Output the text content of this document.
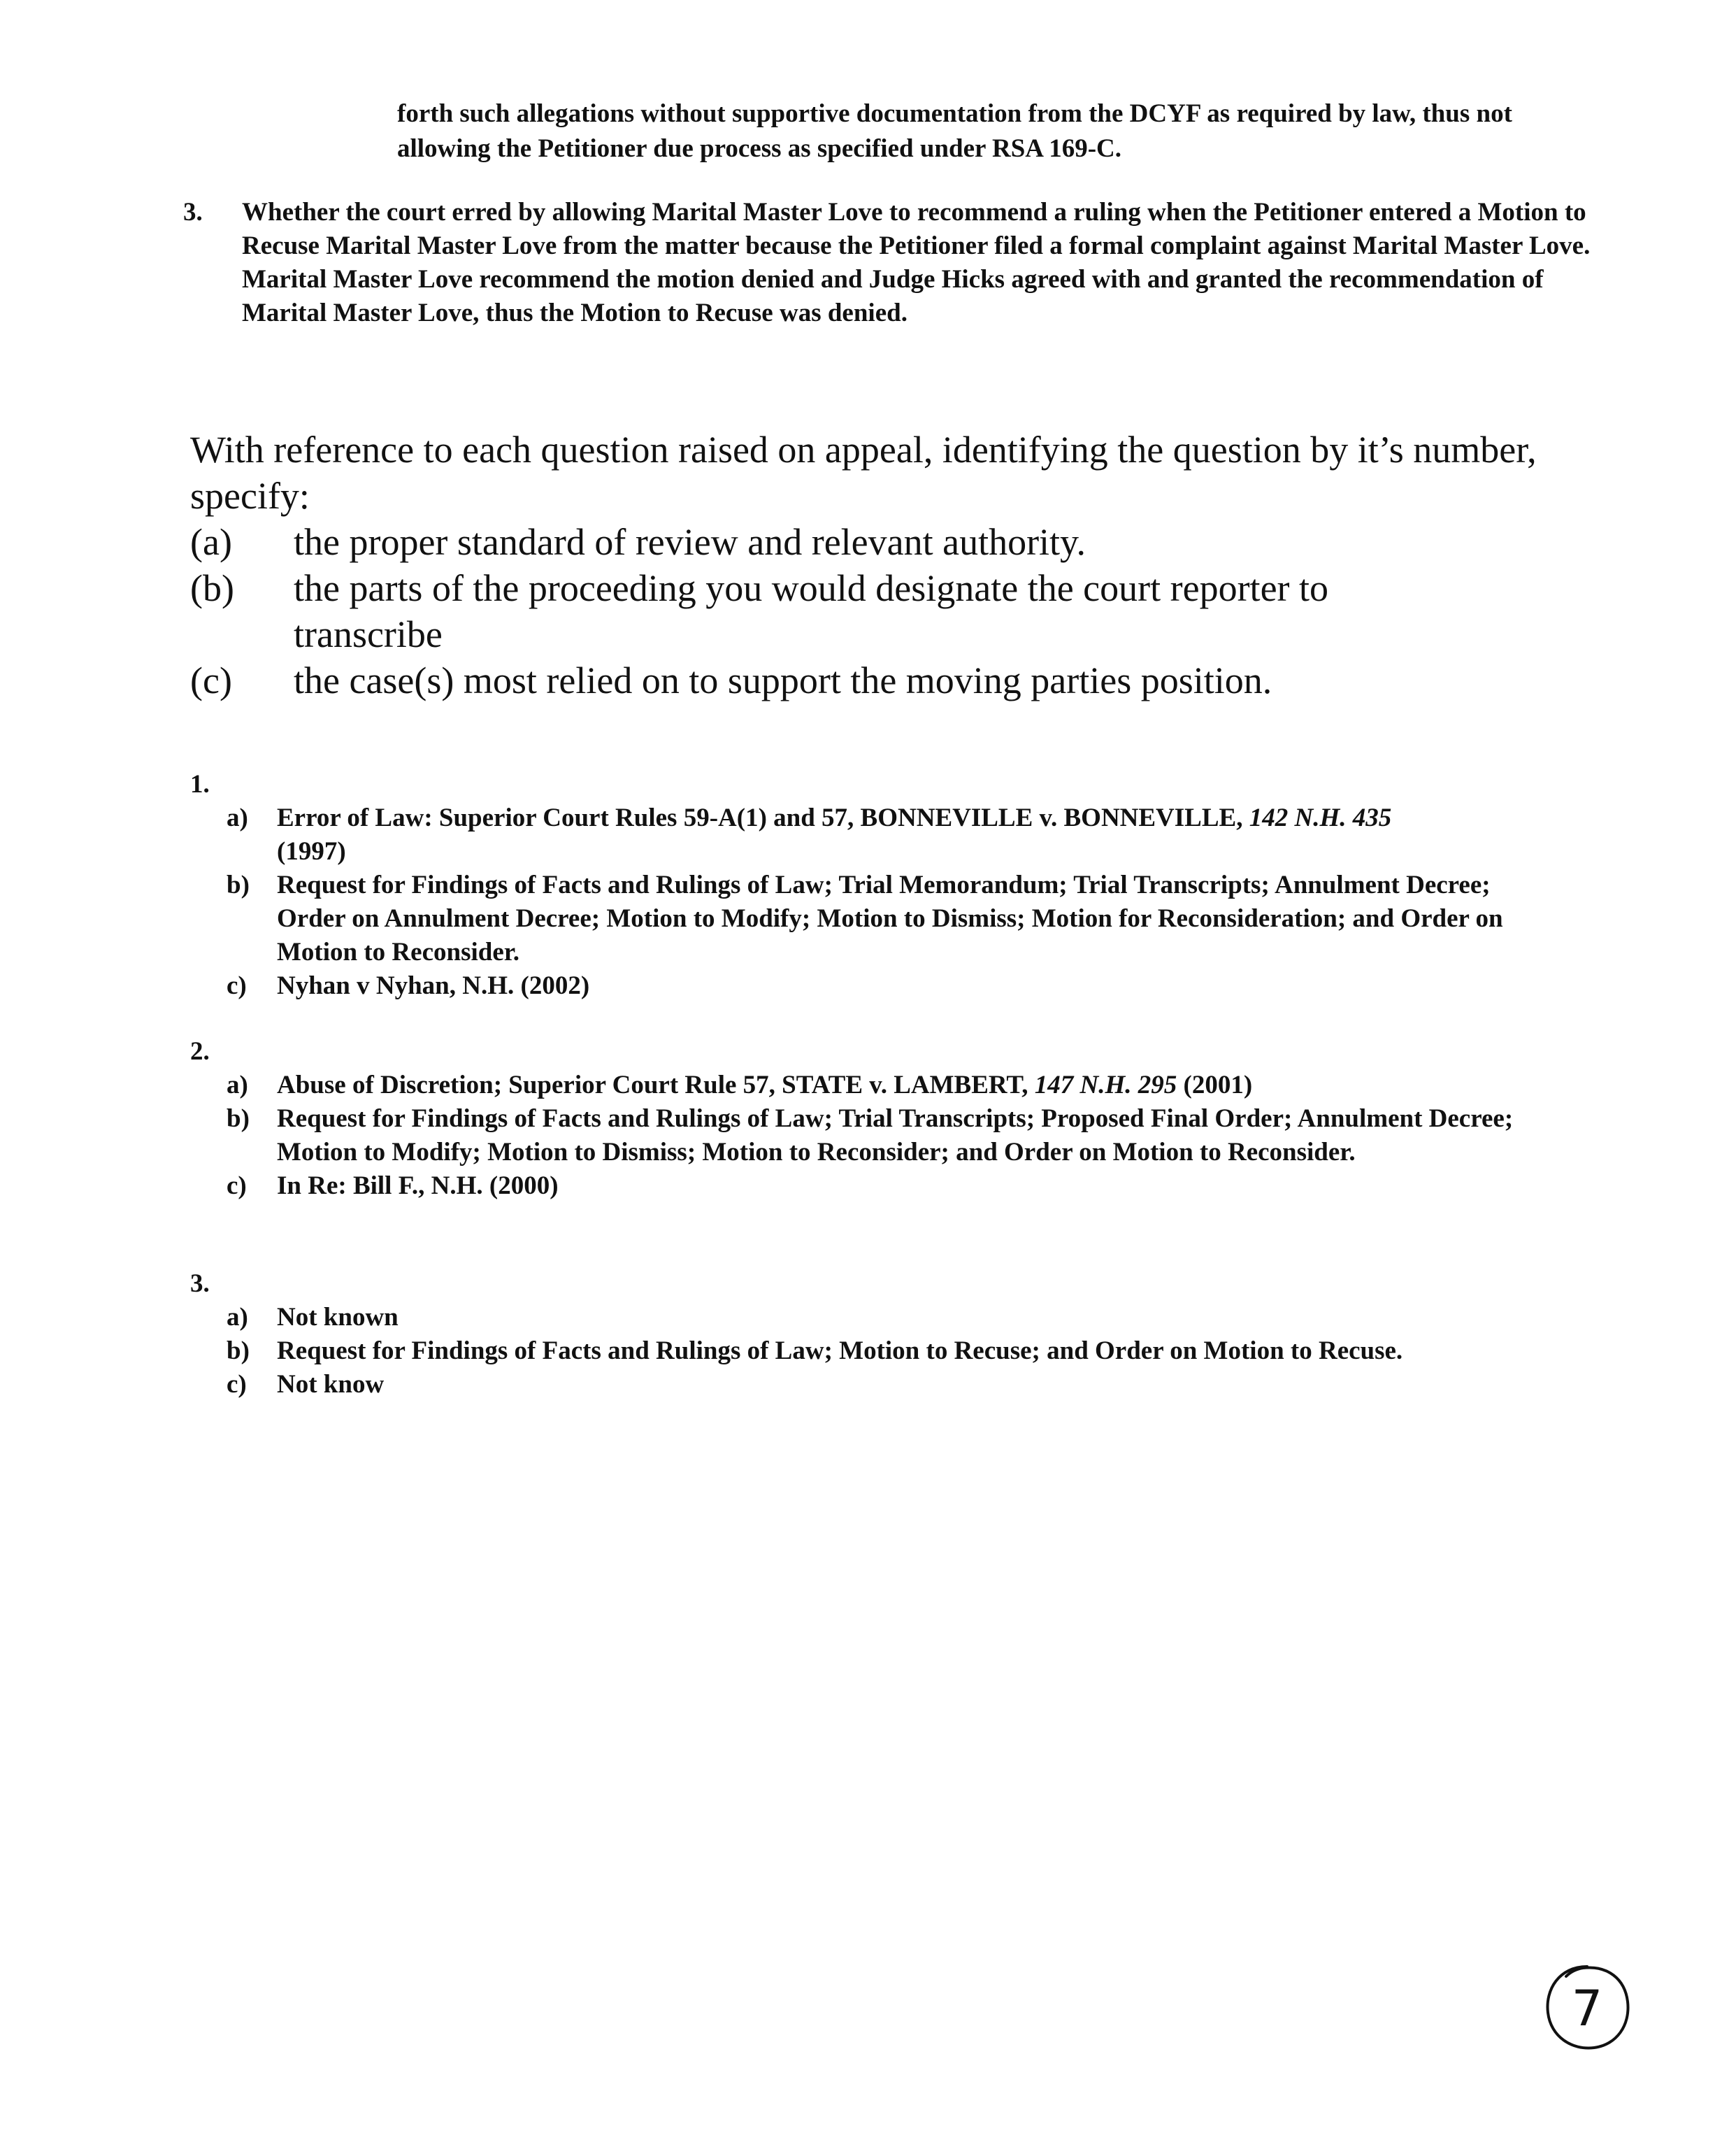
forth such allegations without supportive documentation from the DCYF as required by law, thus not allowing the Petitioner due process as specified under RSA 169-C.
3.	Whether the court erred by allowing Marital Master Love to recommend a ruling when the Petitioner entered a Motion to Recuse Marital Master Love from the matter because the Petitioner filed a formal complaint against Marital Master Love. Marital Master Love recommend the motion denied and Judge Hicks agreed with and granted the recommendation of Marital Master Love, thus the Motion to Recuse was denied.
With reference to each question raised on appeal, identifying the question by it’s number, specify:
(a) the proper standard of review and relevant authority.
(b) the parts of the proceeding you would designate the court reporter to transcribe
(c) the case(s) most relied on to support the moving parties position.
1.
a) Error of Law: Superior Court Rules 59-A(1) and 57, BONNEVILLE v. BONNEVILLE, 142 N.H. 435
(1997)
b) Request for Findings of Facts and Rulings of Law; Trial Memorandum; Trial Transcripts; Annulment Decree; Order on Annulment Decree; Motion to Modify; Motion to Dismiss; Motion for Reconsideration; and Order on Motion to Reconsider.
c) Nyhan v Nyhan, N.H. (2002)
2.
a) Abuse of Discretion; Superior Court Rule 57, STATE v. LAMBERT, 147 N.H. 295 (2001)
b) Request for Findings of Facts and Rulings of Law; Trial Transcripts; Proposed Final Order; Annulment Decree; Motion to Modify; Motion to Dismiss; Motion to Reconsider; and Order on Motion to Reconsider.
c) In Re: Bill F., N.H. (2000)
3.
a) Not known
b) Request for Findings of Facts and Rulings of Law; Motion to Recuse; and Order on Motion to Recuse.
c) Not know
7
